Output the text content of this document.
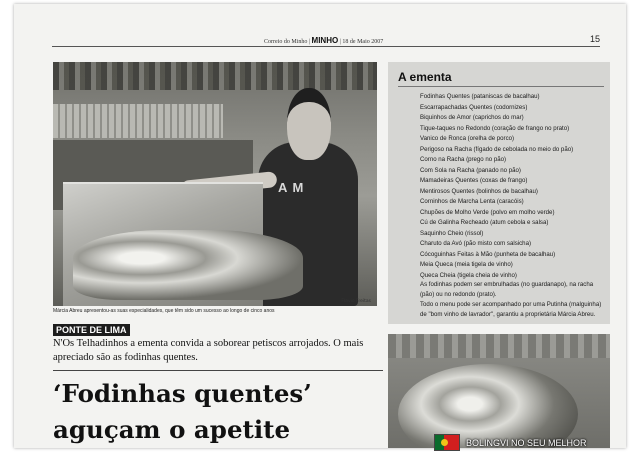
Correio do Minho | MINHO | 18 de Maio 2007	15
A M
Flavio Freitas
Márcia Abreu apresentou-as suas especialidades, que têm sido um sucesso ao longo de cinco anos
PONTE DE LIMA
N'Os Telhadinhos a ementa convida a soborear petiscos arrojados. O mais apreciado são as fodinhas quentes.
‘Fodinhas quentes’
aguçam o apetite
A ementa
Fodinhas Quentes (pataniscas de bacalhau)
Escarrapachadas Quentes (codornizes)
Biquinhos de Amor (caprichos do mar)
Tique-taques no Redondo (coração de frango no prato)
Vanico de Ronca (orelha de porco)
Perigoso na Racha (fígado de cebolada no meio do pão)
Corno na Racha (prego no pão)
Com Sola na Racha (panado no pão)
Mamadeiras Quentes (coxas de frango)
Mentirosos Quentes (bolinhos de bacalhau)
Corninhos de Marcha Lenta (caracóis)
Chupões de Molho Verde (polvo em molho verde)
Cú de Galinha Recheado (atum cebola e salsa)
Saquinho Cheio (rissol)
Charuto da Avó (pão misto com salsicha)
Cócoguinhas Feitas à Mão (punheta de bacalhau)
Meia Queca (meia tigela de vinho)
Queca Cheia (tigela cheia de vinho)
As fodinhas podem ser embrulhadas (no guardanapo), na racha (pão) ou no redondo (prato).
Todo o menu pode ser acompanhado por uma Putinha (malguinha) de "bom vinho de lavrador", garantiu a proprietária Márcia Abreu.
BOLINGVI NO SEU MELHOR
